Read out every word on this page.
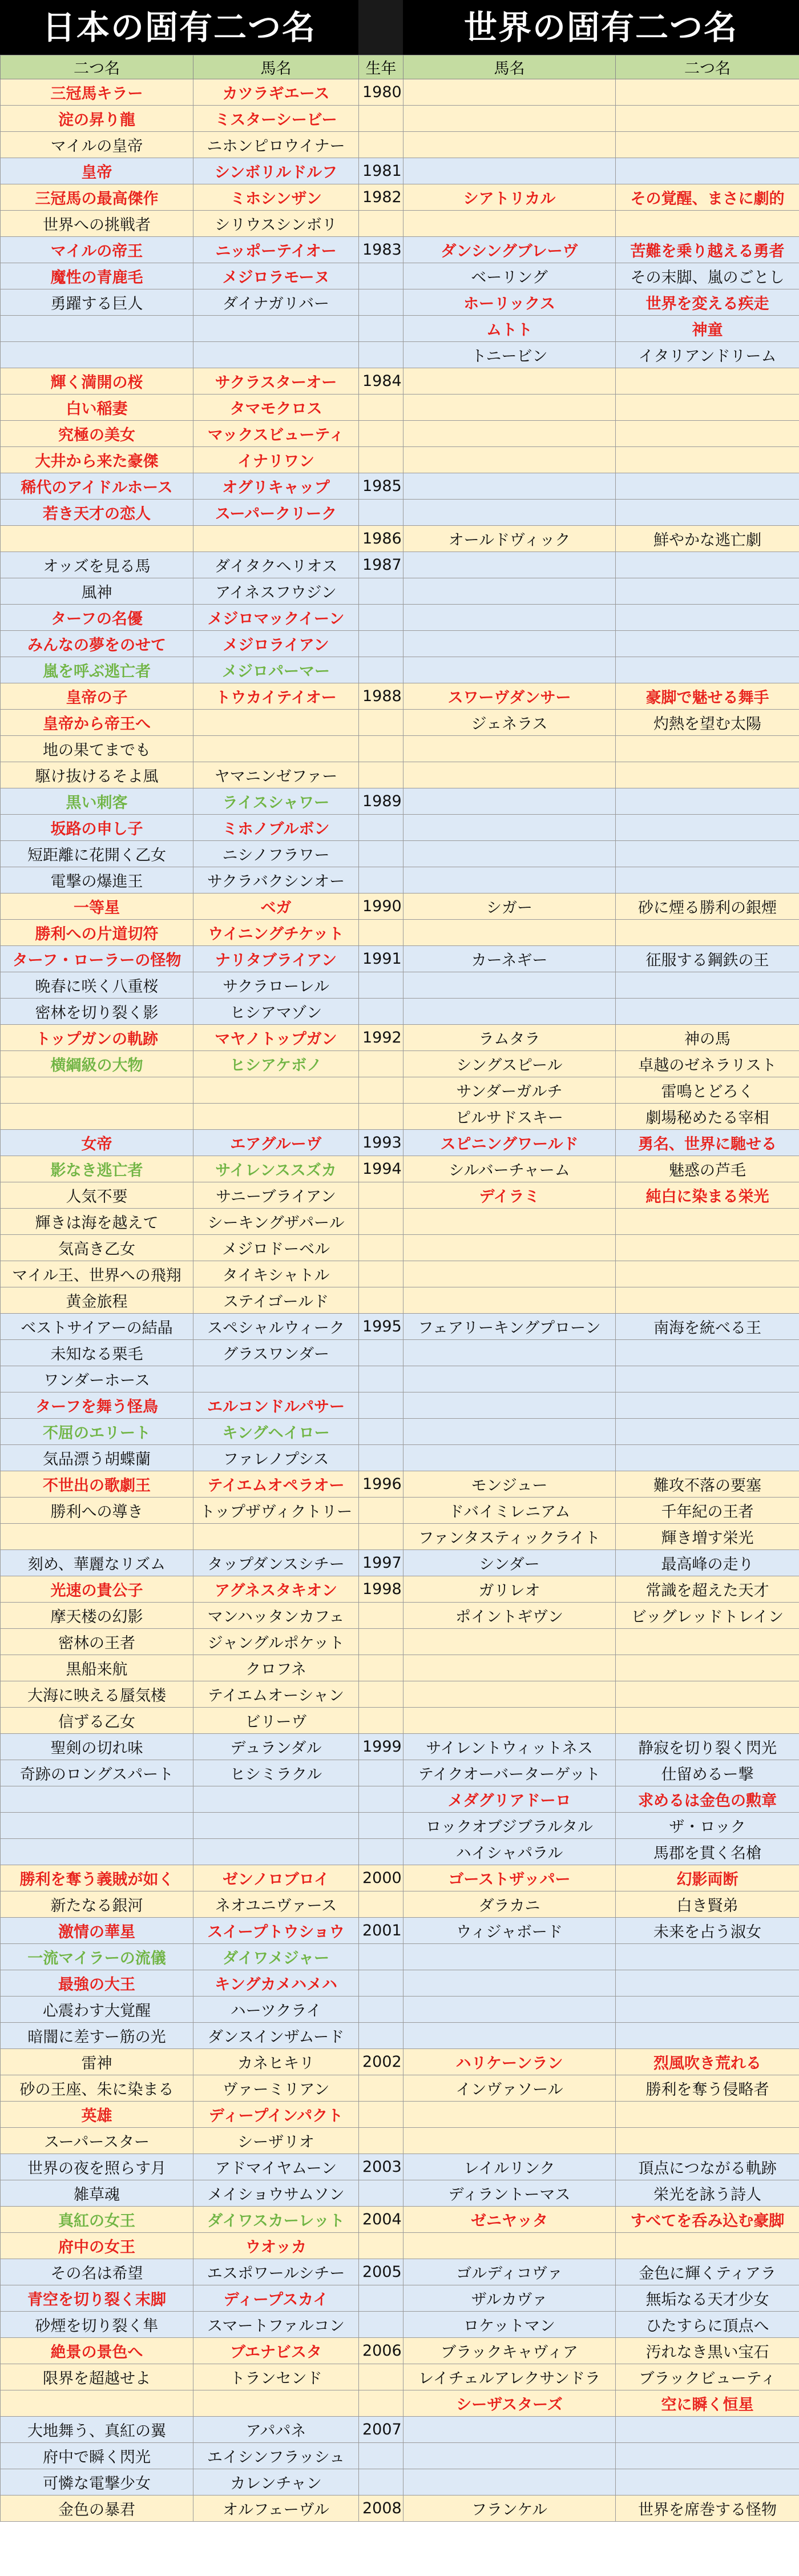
日本の固有二つ名	世界の固有二つ名
二つ名	馬名	生年	馬名	二つ名
三冠馬キラー	カツラギエース	1980		
淀の昇り龍	ミスターシービー			
マイルの皇帝	ニホンピロウイナー			
皇帝	シンボリルドルフ	1981		
三冠馬の最高傑作	ミホシンザン	1982	シアトリカル	その覚醒、まさに劇的
世界への挑戦者	シリウスシンボリ			
マイルの帝王	ニッポーテイオー	1983	ダンシングブレーヴ	苦難を乗り越える勇者
魔性の青鹿毛	メジロラモーヌ		ベーリング	その末脚、嵐のごとし
勇躍する巨人	ダイナガリバー		ホーリックス	世界を変える疾走
			ムトト	神童
			トニービン	イタリアンドリーム
輝く満開の桜	サクラスターオー	1984		
白い稲妻	タマモクロス			
究極の美女	マックスビューティ			
大井から来た豪傑	イナリワン			
稀代のアイドルホース	オグリキャップ	1985		
若き天才の恋人	スーパークリーク			
		1986	オールドヴィック	鮮やかな逃亡劇
オッズを見る馬	ダイタクヘリオス	1987		
風神	アイネスフウジン			
ターフの名優	メジロマックイーン			
みんなの夢をのせて	メジロライアン			
嵐を呼ぶ逃亡者	メジロパーマー			
皇帝の子	トウカイテイオー	1988	スワーヴダンサー	豪脚で魅せる舞手
皇帝から帝王へ			ジェネラス	灼熱を望む太陽
地の果てまでも				
駆け抜けるそよ風	ヤマニンゼファー			
黒い刺客	ライスシャワー	1989		
坂路の申し子	ミホノブルボン			
短距離に花開く乙女	ニシノフラワー			
電撃の爆進王	サクラバクシンオー			
一等星	ベガ	1990	シガー	砂に煙る勝利の銀煙
勝利への片道切符	ウイニングチケット			
ターフ・ローラーの怪物	ナリタブライアン	1991	カーネギー	征服する鋼鉄の王
晩春に咲く八重桜	サクラローレル			
密林を切り裂く影	ヒシアマゾン			
トップガンの軌跡	マヤノトップガン	1992	ラムタラ	神の馬
横綱級の大物	ヒシアケボノ		シングスピール	卓越のゼネラリスト
			サンダーガルチ	雷鳴とどろく
			ピルサドスキー	劇場秘めたる宰相
女帝	エアグルーヴ	1993	スピニングワールド	勇名、世界に馳せる
影なき逃亡者	サイレンススズカ	1994	シルバーチャーム	魅惑の芦毛
人気不要	サニーブライアン		デイラミ	純白に染まる栄光
輝きは海を越えて	シーキングザパール			
気高き乙女	メジロドーベル			
マイル王、世界への飛翔	タイキシャトル			
黄金旅程	ステイゴールド			
ベストサイアーの結晶	スペシャルウィーク	1995	フェアリーキングプローン	南海を統べる王
未知なる栗毛	グラスワンダー			
ワンダーホース				
ターフを舞う怪鳥	エルコンドルパサー			
不屈のエリート	キングヘイロー			
気品漂う胡蝶蘭	ファレノプシス			
不世出の歌劇王	テイエムオペラオー	1996	モンジュー	難攻不落の要塞
勝利への導き	トップザヴィクトリー		ドバイミレニアム	千年紀の王者
			ファンタスティックライト	輝き増す栄光
刻め、華麗なリズム	タップダンスシチー	1997	シンダー	最高峰の走り
光速の貴公子	アグネスタキオン	1998	ガリレオ	常識を超えた天才
摩天楼の幻影	マンハッタンカフェ		ポイントギヴン	ビッグレッドトレイン
密林の王者	ジャングルポケット			
黒船来航	クロフネ			
大海に映える蜃気楼	テイエムオーシャン			
信ずる乙女	ビリーヴ			
聖剣の切れ味	デュランダル	1999	サイレントウィットネス	静寂を切り裂く閃光
奇跡のロングスパート	ヒシミラクル		テイクオーバーターゲット	仕留めるー撃
			メダグリアドーロ	求めるは金色の勲章
			ロックオブジブラルタル	ザ・ロック
			ハイシャパラル	馬郡を貫く名槍
勝利を奪う義賊が如く	ゼンノロブロイ	2000	ゴーストザッパー	幻影両断
新たなる銀河	ネオユニヴァース		ダラカニ	白き賢弟
激情の華星	スイープトウショウ	2001	ウィジャボード	未来を占う淑女
一流マイラーの流儀	ダイワメジャー			
最強の大王	キングカメハメハ			
心震わす大覚醒	ハーツクライ			
暗闇に差すー筋の光	ダンスインザムード			
雷神	カネヒキリ	2002	ハリケーンラン	烈風吹き荒れる
砂の王座、朱に染まる	ヴァーミリアン		インヴァソール	勝利を奪う侵略者
英雄	ディープインパクト			
スーパースター	シーザリオ			
世界の夜を照らす月	アドマイヤムーン	2003	レイルリンク	頂点につながる軌跡
雑草魂	メイショウサムソン		ディラントーマス	栄光を詠う詩人
真紅の女王	ダイワスカーレット	2004	ゼニヤッタ	すべてを呑み込む豪脚
府中の女王	ウオッカ			
その名は希望	エスポワールシチー	2005	ゴルディコヴァ	金色に輝くティアラ
青空を切り裂く末脚	ディープスカイ		ザルカヴァ	無垢なる天才少女
砂煙を切り裂く隼	スマートファルコン		ロケットマン	ひたすらに頂点へ
絶景の景色へ	ブエナビスタ	2006	ブラックキャヴィア	汚れなき黒い宝石
限界を超越せよ	トランセンド		レイチェルアレクサンドラ	ブラックビューティ
			シーザスターズ	空に瞬く恒星
大地舞う、真紅の翼	アパパネ	2007		
府中で瞬く閃光	エイシンフラッシュ			
可憐な電撃少女	カレンチャン			
金色の暴君	オルフェーヴル	2008	フランケル	世界を席巻する怪物
